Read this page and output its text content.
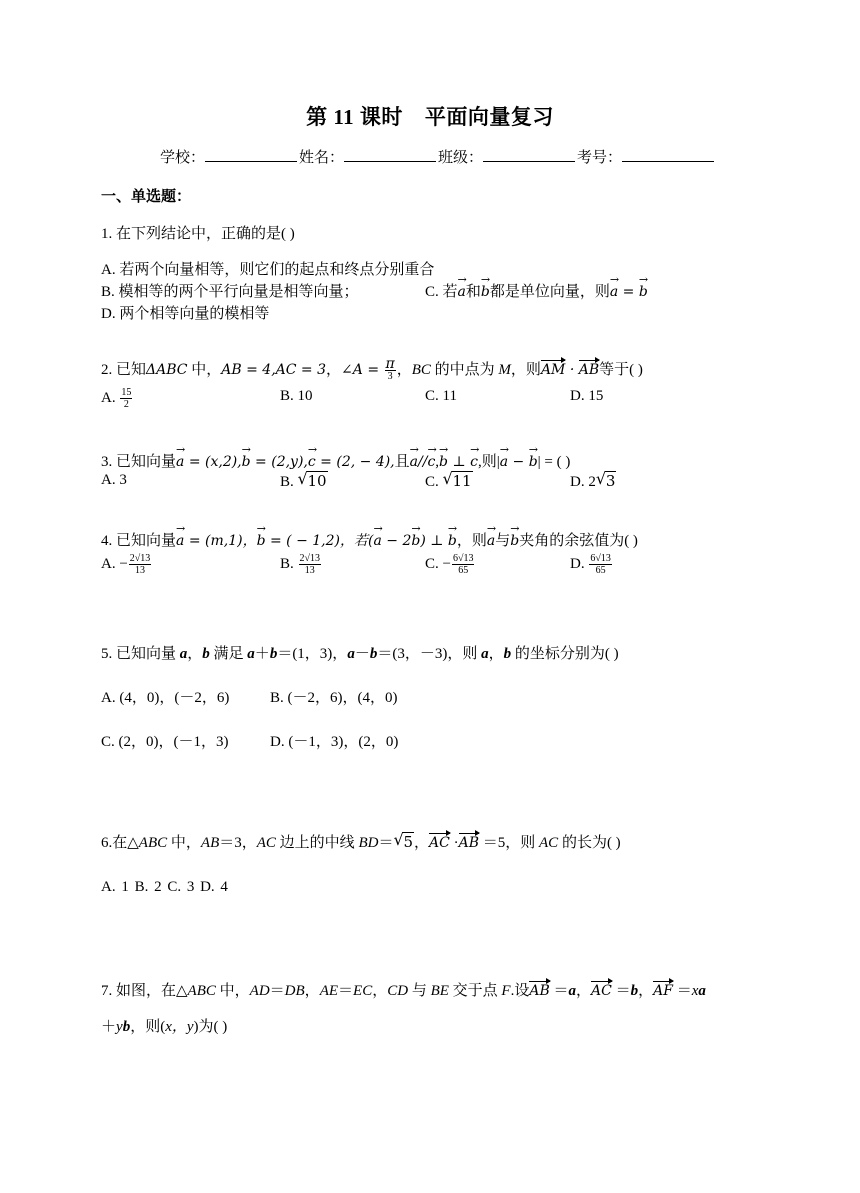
第 11 课时 平面向量复习
学校：	姓名：	班级：	考号：
一、单选题：
1. 在下列结论中，正确的是( )
A. 若两个向量相等，则它们的起点和终点分别重合
B. 模相等的两个平行向量是相等向量；	C. 若→ a和→ b都是单位向量，则→ a = → b
D. 两个相等向量的模相等
2. 已知ΔABC 中，AB = 4,AC = 3，∠A = $\frac{\pi}{3}$ ，BC 的中点为 M，则AM · AB等于( )
A. $\frac{15}{2}$	B. 10	C. 11	D. 15
3. 已知向量→ a = (x,2),→ b = (2,y),→ c = (2, − 4),且→ a//→ c,→ b ⊥ → c,则|→ a − → b| = ( )
A. 3	B. √ 10	C. √ 11	D. 2 √ 3
4. 已知向量→ a = (m,1)，→ b = ( − 1,2)，若(→ a − 2→ b) ⊥ → b，则→ a与→ b夹角的余弦值为( )
A. − $\frac{2√13}{13}$	B. $\frac{2√13}{13}$	C. − $\frac{6√13}{65}$	D. $\frac{6√13}{65}$
5. 已知向量 a，b 满足 a＋b＝(1，3)，a－b＝(3，－3)，则 a，b 的坐标分别为( )
A. (4，0)，(－2，6)	B. (－2，6)，(4，0)
C. (2，0)，(－1，3)	D. (－1，3)，(2，0)
6.在△ABC 中，AB＝3，AC 边上的中线 BD＝ √ 5，AC ·AB ＝5，则 AC 的长为( )
A. 1 B. 2 C. 3 D. 4
7. 如图，在△ABC 中，AD＝DB，AE＝EC，CD 与 BE 交于点 F.设AB ＝a，AC ＝b，AF ＝xa
＋yb，则(x，y)为( )
